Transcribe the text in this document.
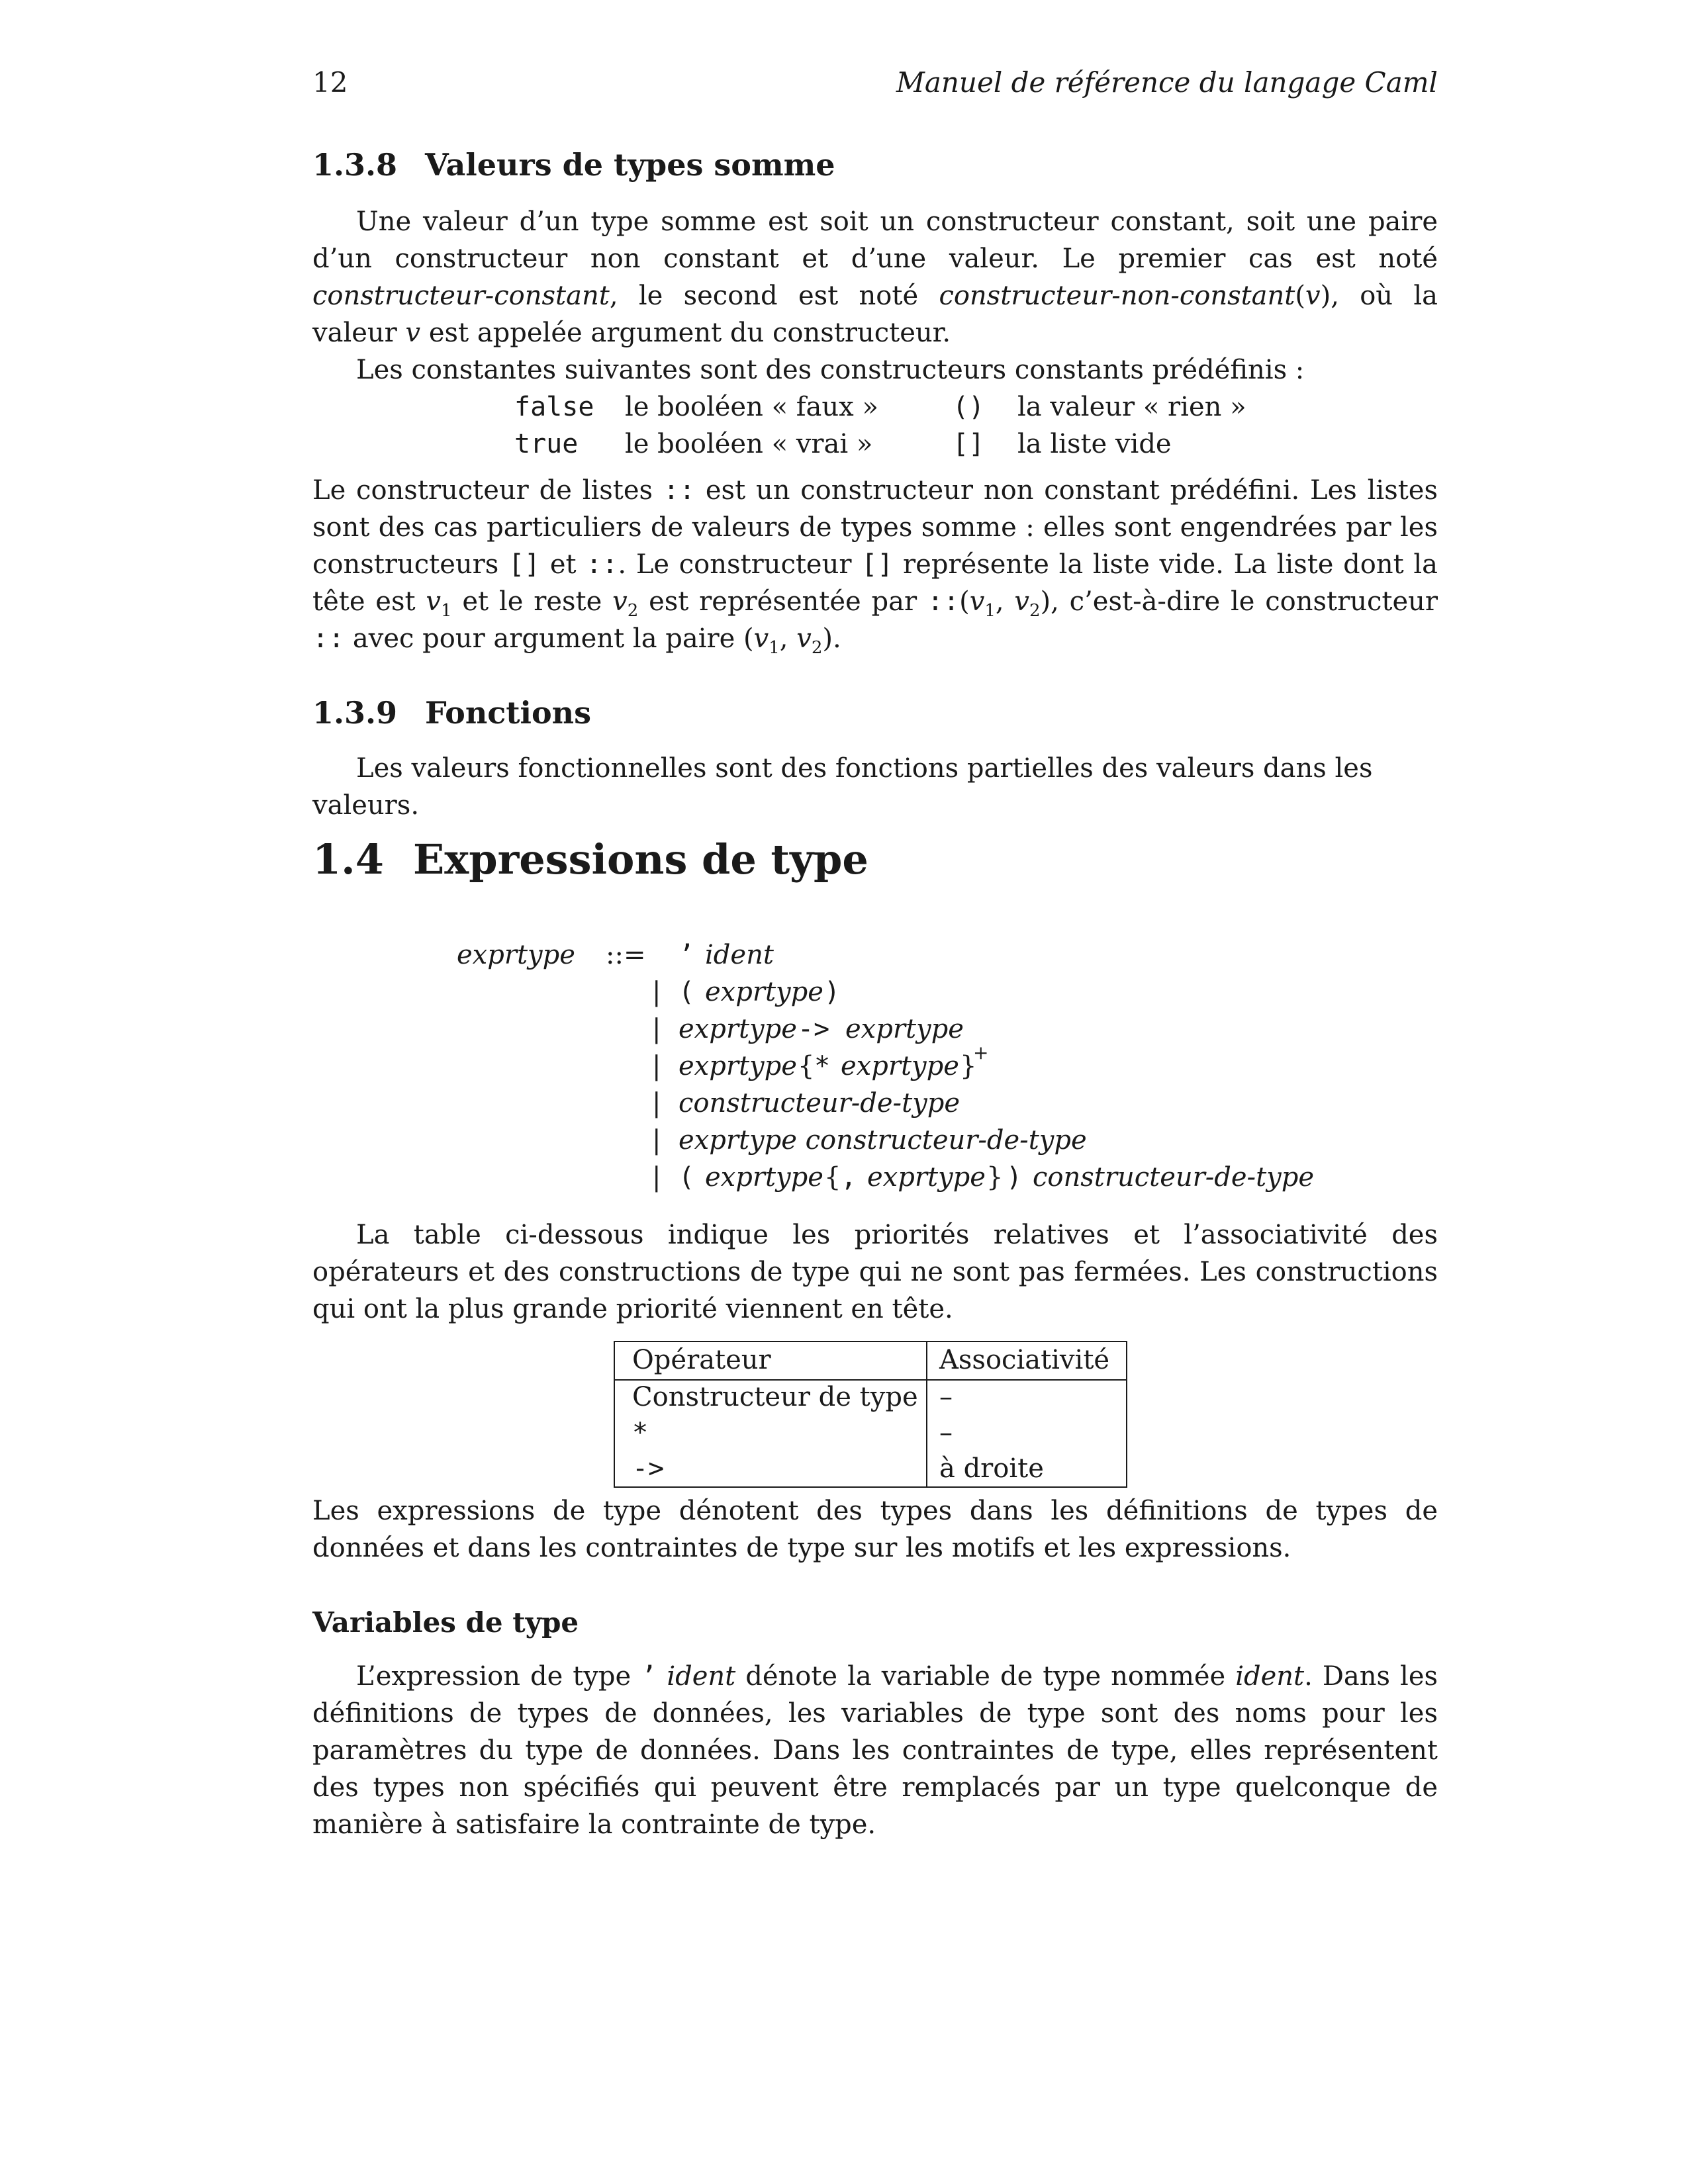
12	Manuel de référence du langage Caml
1.3.8 Valeurs de types somme

Une valeur d’un type somme est soit un constructeur constant, soit une paire d’un constructeur non constant et d’une valeur. Le premier cas est noté constructeur-constant, le second est noté constructeur-non-constant(v), où la valeur v est appelée argument du constructeur.

Les constantes suivantes sont des constructeurs constants prédéfinis :

false le booléen « faux »	() la valeur « rien »
true le booléen « vrai »	[] la liste vide

Le constructeur de listes :: est un constructeur non constant prédéfini. Les listes sont des cas particuliers de valeurs de types somme : elles sont engendrées par les constructeurs [] et ::. Le constructeur [] représente la liste vide. La liste dont la tête est $v_1$ et le reste $v_2$ est représentée par $::(v_1$, $v_2$), c’est-à-dire le constructeur :: avec pour argument la paire ($v_1$, $v_2$).

1.3.9 Fonctions

Les valeurs fonctionnelles sont des fonctions partielles des valeurs dans les valeurs.

1.4 Expressions de type
exprtype ::= ’ ident
| ( exprtype )
| exprtype -> exprtype
| exprtype { * exprtype }
+
| constructeur-de-type
| exprtype constructeur-de-type
| ( exprtype { , exprtype } ) constructeur-de-type

La table ci-dessous indique les priorités relatives et l’associativité des opérateurs et des constructions de type qui ne sont pas fermées. Les constructions qui ont la plus grande priorité viennent en tête.

Opérateur	Associativité
Constructeur de type –
*	–
->	à droite

Les expressions de type dénotent des types dans les définitions de types de données et dans les contraintes de type sur les motifs et les expressions.

Variables de type

L’expression de type ’ ident dénote la variable de type nommée ident. Dans les définitions de types de données, les variables de type sont des noms pour les paramètres du type de données. Dans les contraintes de type, elles représentent des types non spécifiés qui peuvent être remplacés par un type quelconque de manière à satisfaire la contrainte de type.
